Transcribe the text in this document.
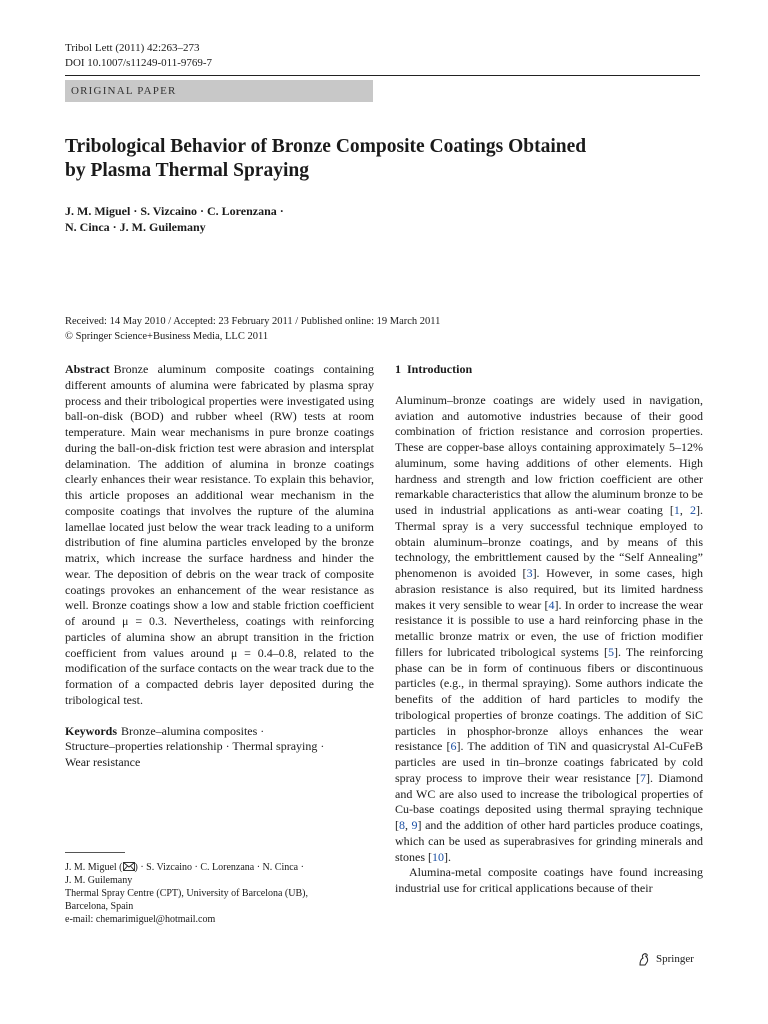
Tribol Lett (2011) 42:263–273
DOI 10.1007/s11249-011-9769-7
ORIGINAL PAPER
Tribological Behavior of Bronze Composite Coatings Obtained
by Plasma Thermal Spraying
J. M. Miguel · S. Vizcaino · C. Lorenzana ·
N. Cinca · J. M. Guilemany
Received: 14 May 2010 / Accepted: 23 February 2011 / Published online: 19 March 2011
© Springer Science+Business Media, LLC 2011
Abstract Bronze aluminum composite coatings containing different amounts of alumina were fabricated by plasma spray process and their tribological properties were investigated using ball-on-disk (BOD) and rubber wheel (RW) tests at room temperature. Main wear mechanisms in pure bronze coatings during the ball-on-disk friction test were abrasion and intersplat delamination. The addition of alumina in bronze coatings clearly enhances their wear resistance. To explain this behavior, this article proposes an additional wear mechanism in the composite coatings that involves the rupture of the alumina lamellae located just below the wear track leading to a uniform distribution of fine alumina particles enveloped by the bronze matrix, which increase the surface hardness and hinder the wear. The deposition of debris on the wear track of composite coatings provokes an enhancement of the wear resistance as well. Bronze coatings show a low and stable friction coefficient of around μ = 0.3. Nevertheless, coatings with reinforcing particles of alumina show an abrupt transition in the friction coefficient from values around μ = 0.4–0.8, related to the modification of the surface contacts on the wear track due to the formation of a compacted debris layer deposited during the tribological test.
Keywords Bronze–alumina composites ·
Structure–properties relationship · Thermal spraying ·
Wear resistance
J. M. Miguel ( ) · S. Vizcaino · C. Lorenzana · N. Cinca ·
J. M. Guilemany
Thermal Spray Centre (CPT), University of Barcelona (UB),
Barcelona, Spain
e-mail: chemarimiguel@hotmail.com
1 Introduction

Aluminum–bronze coatings are widely used in navigation, aviation and automotive industries because of their good combination of friction resistance and corrosion properties. These are copper-base alloys containing approximately 5–12% aluminum, some having additions of other elements. High hardness and strength and low friction coefficient are other remarkable characteristics that allow the aluminum bronze to be used in industrial applications as anti-wear coating [1, 2]. Thermal spray is a very successful technique employed to obtain aluminum–bronze coatings, and by means of this technology, the embrittlement caused by the “Self Annealing” phenomenon is avoided [3]. However, in some cases, high abrasion resistance is also required, but its limited hardness makes it very sensible to wear [4]. In order to increase the wear resistance it is possible to use a hard reinforcing phase in the metallic bronze matrix or even, the use of friction modifier fillers for lubricated tribological systems [5]. The reinforcing phase can be in form of continuous fibers or discontinuous particles (e.g., in thermal spraying). Some authors indicate the benefits of the addition of hard particles to modify the tribological properties of bronze coatings. The addition of SiC particles in phosphor-bronze alloys enhances the wear resistance [6]. The addition of TiN and quasicrystal Al-CuFeB particles are used in tin–bronze coatings fabricated by cold spray process to improve their wear resistance [7]. Diamond and WC are also used to increase the tribological properties of Cu-base coatings deposited using thermal spraying technique [8, 9] and the addition of other hard particles produce coatings, which can be used as superabrasives for grinding minerals and stones [10].

Alumina-metal composite coatings have found increasing industrial use for critical applications because of their

Springer
